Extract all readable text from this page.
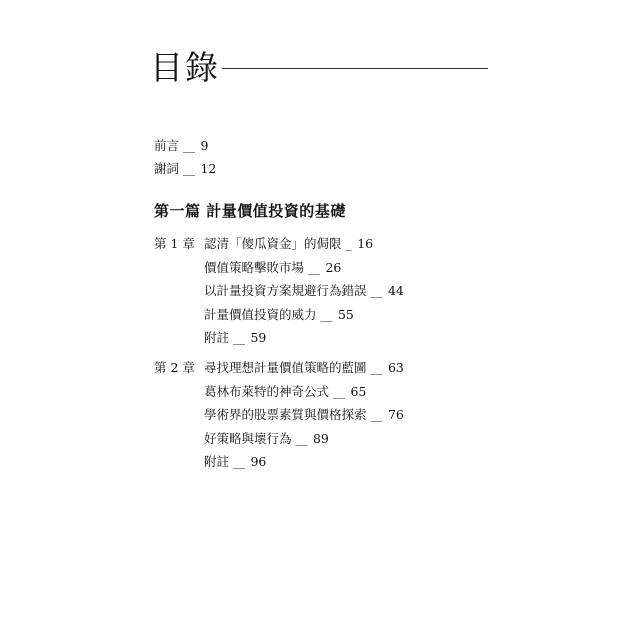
目錄
前言 __ 9
謝詞 __ 12
第一篇 計量價值投資的基礎
第 1 章 認清「傻瓜資金」的侷限 _ 16
價值策略擊敗市場 __ 26
以計量投資方案規避行為錯誤 __ 44
計量價值投資的威力 __ 55
附註 __ 59
第 2 章 尋找理想計量價值策略的藍圖 __ 63
葛林布萊特的神奇公式 __ 65
學術界的股票素質與價格探索 __ 76
好策略與壞行為 __ 89
附註 __ 96
